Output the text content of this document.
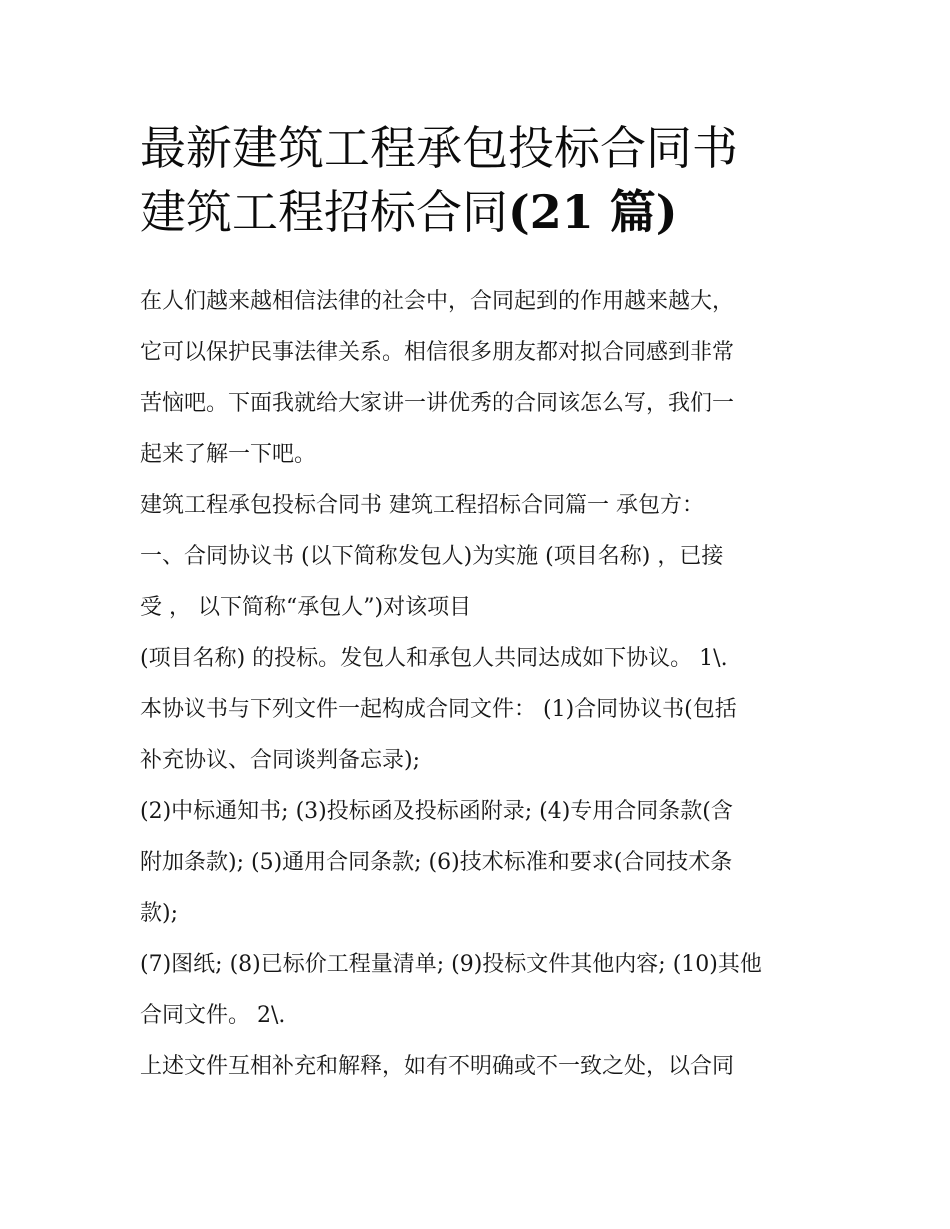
最新建筑工程承包投标合同书
建筑工程招标合同(21 篇)
在人们越来越相信法律的社会中，合同起到的作用越来越大，
它可以保护民事法律关系。相信很多朋友都对拟合同感到非常
苦恼吧。下面我就给大家讲一讲优秀的合同该怎么写，我们一
起来了解一下吧。
建筑工程承包投标合同书 建筑工程招标合同篇一 承包方：
一、合同协议书 (以下简称发包人)为实施 (项目名称) ，已接
受 ， 以下简称“承包人”)对该项目
(项目名称) 的投标。发包人和承包人共同达成如下协议。 1\.
本协议书与下列文件一起构成合同文件： (1)合同协议书(包括
补充协议、合同谈判备忘录);
(2)中标通知书; (3)投标函及投标函附录; (4)专用合同条款(含
附加条款); (5)通用合同条款; (6)技术标准和要求(合同技术条
款);
(7)图纸; (8)已标价工程量清单; (9)投标文件其他内容; (10)其他
合同文件。 2\.
上述文件互相补充和解释，如有不明确或不一致之处，以合同
